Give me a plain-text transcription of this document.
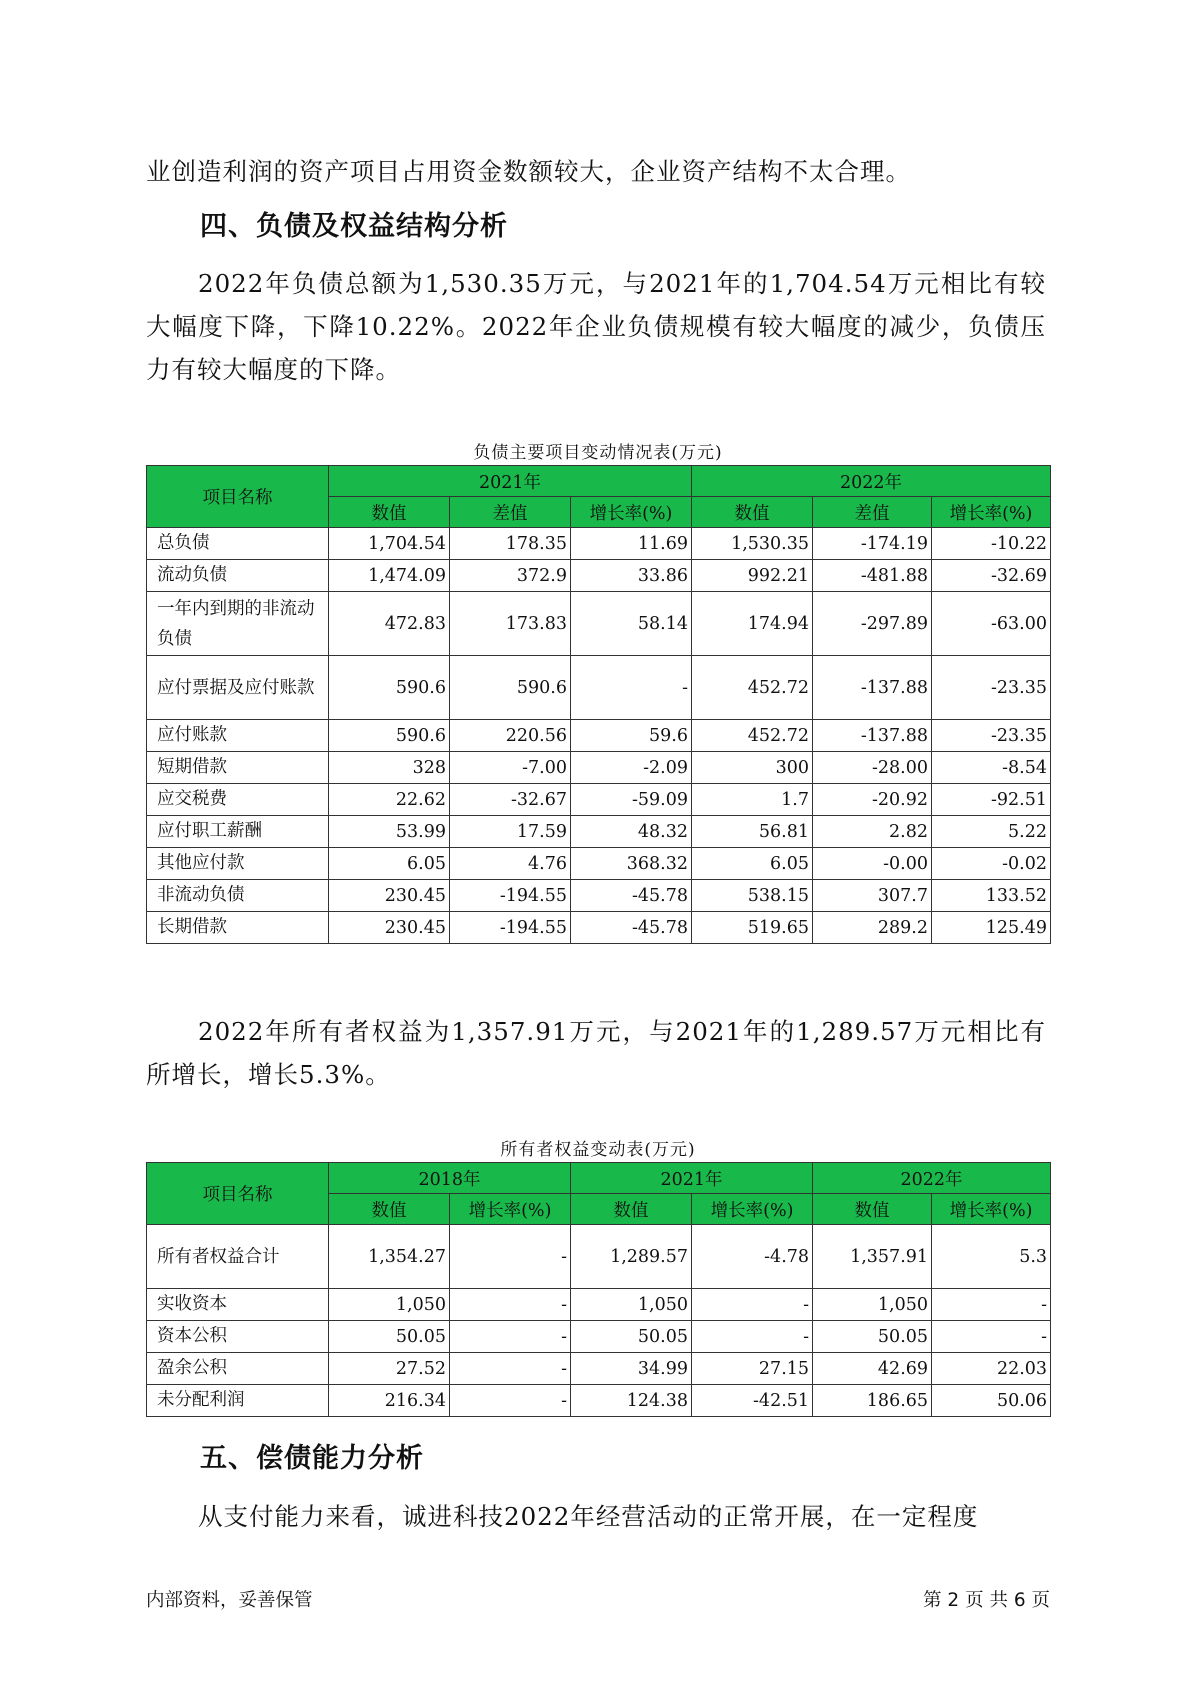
业创造利润的资产项目占用资金数额较大，企业资产结构不太合理。

四、负债及权益结构分析

2022年负债总额为1,530.35万元，与2021年的1,704.54万元相比有较大幅度下降，下降10.22%。2022年企业负债规模有较大幅度的减少，负债压力有较大幅度的下降。

负债主要项目变动情况表(万元)

项目名称	2021年			2022年		
	数值	差值	增长率(%)	数值	差值	增长率(%)
总负债	1,704.54	178.35	11.69	1,530.35	-174.19	-10.22
流动负债	1,474.09	372.9	33.86	992.21	-481.88	-32.69
一年内到期的非流动负债	472.83	173.83	58.14	174.94	-297.89	-63.00
应付票据及应付账款	590.6	590.6	-	452.72	-137.88	-23.35
应付账款	590.6	220.56	59.6	452.72	-137.88	-23.35
短期借款	328	-7.00	-2.09	300	-28.00	-8.54
应交税费	22.62	-32.67	-59.09	1.7	-20.92	-92.51
应付职工薪酬	53.99	17.59	48.32	56.81	2.82	5.22
其他应付款	6.05	4.76	368.32	6.05	-0.00	-0.02
非流动负债	230.45	-194.55	-45.78	538.15	307.7	133.52
长期借款	230.45	-194.55	-45.78	519.65	289.2	125.49

2022年所有者权益为1,357.91万元，与2021年的1,289.57万元相比有所增长，增长5.3%。

所有者权益变动表(万元)

项目名称	2018年		2021年		2022年	
	数值	增长率(%)	数值	增长率(%)	数值	增长率(%)
所有者权益合计	1,354.27	-	1,289.57	-4.78	1,357.91	5.3
实收资本	1,050	-	1,050	-	1,050	-
资本公积	50.05	-	50.05	-	50.05	-
盈余公积	27.52	-	34.99	27.15	42.69	22.03
未分配利润	216.34	-	124.38	-42.51	186.65	50.06
五、偿债能力分析

从支付能力来看，诚进科技2022年经营活动的正常开展，在一定程度

内部资料，妥善保管	第 2 页 共 6 页
